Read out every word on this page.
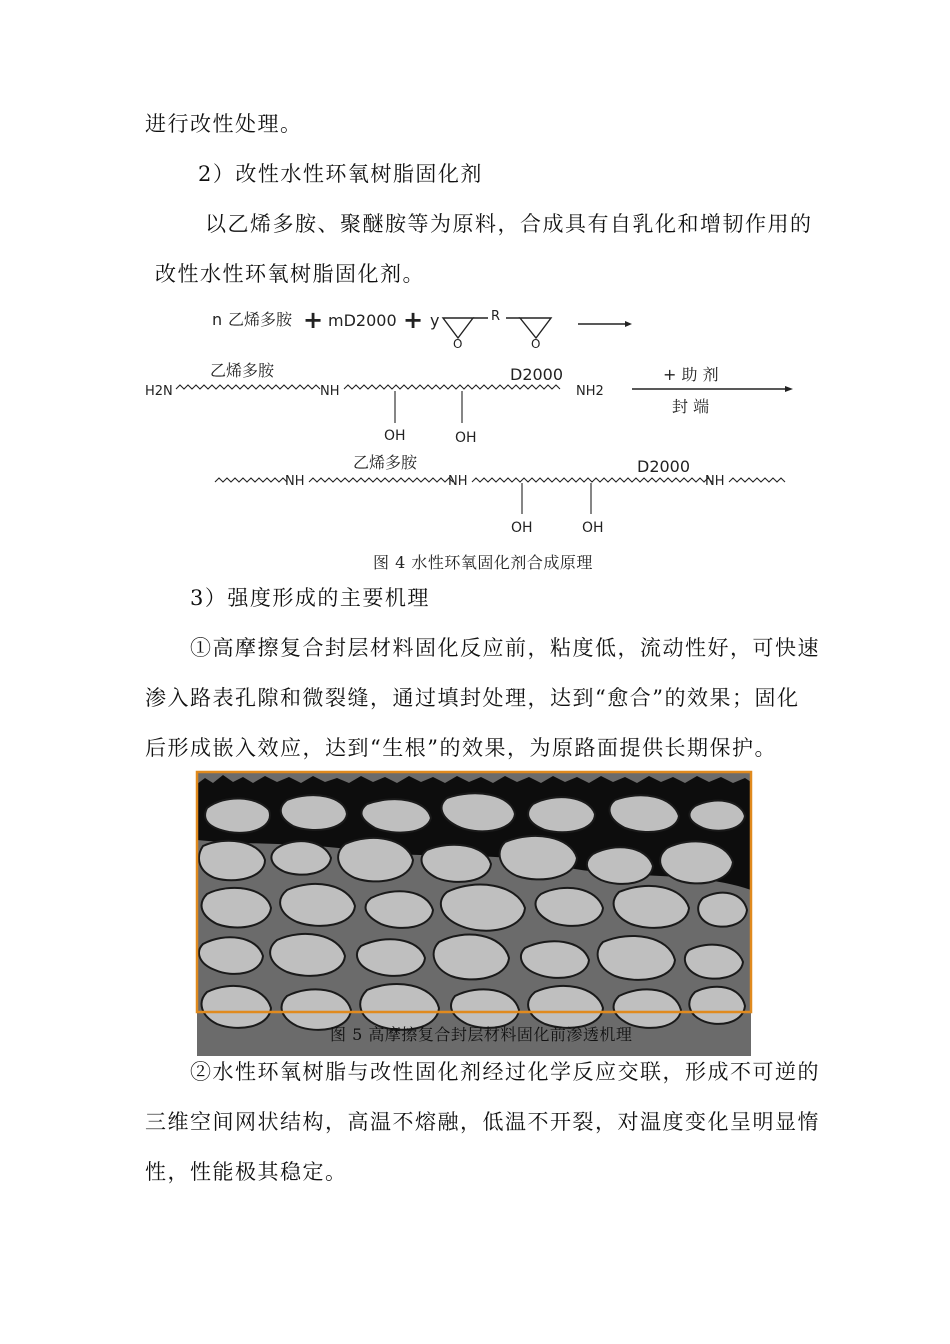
进行改性处理。
2）改性水性环氧树脂固化剂
以乙烯多胺、聚醚胺等为原料，合成具有自乳化和增韧作用的
改性水性环氧树脂固化剂。
n 乙烯多胺 + mD2000 + y	R
O	O
乙烯多胺	D2000
H2N	NH	NH2
OH	OH
+ 助 剂
封 端
乙烯多胺	D2000
NH	NH	NH
OH	OH
图 4 水性环氧固化剂合成原理
3）强度形成的主要机理
①高摩擦复合封层材料固化反应前，粘度低，流动性好，可快速
渗入路表孔隙和微裂缝，通过填封处理，达到“愈合”的效果；固化
后形成嵌入效应，达到“生根”的效果，为原路面提供长期保护。
图 5 高摩擦复合封层材料固化前渗透机理
②水性环氧树脂与改性固化剂经过化学反应交联，形成不可逆的
三维空间网状结构，高温不熔融，低温不开裂，对温度变化呈明显惰
性，性能极其稳定。
